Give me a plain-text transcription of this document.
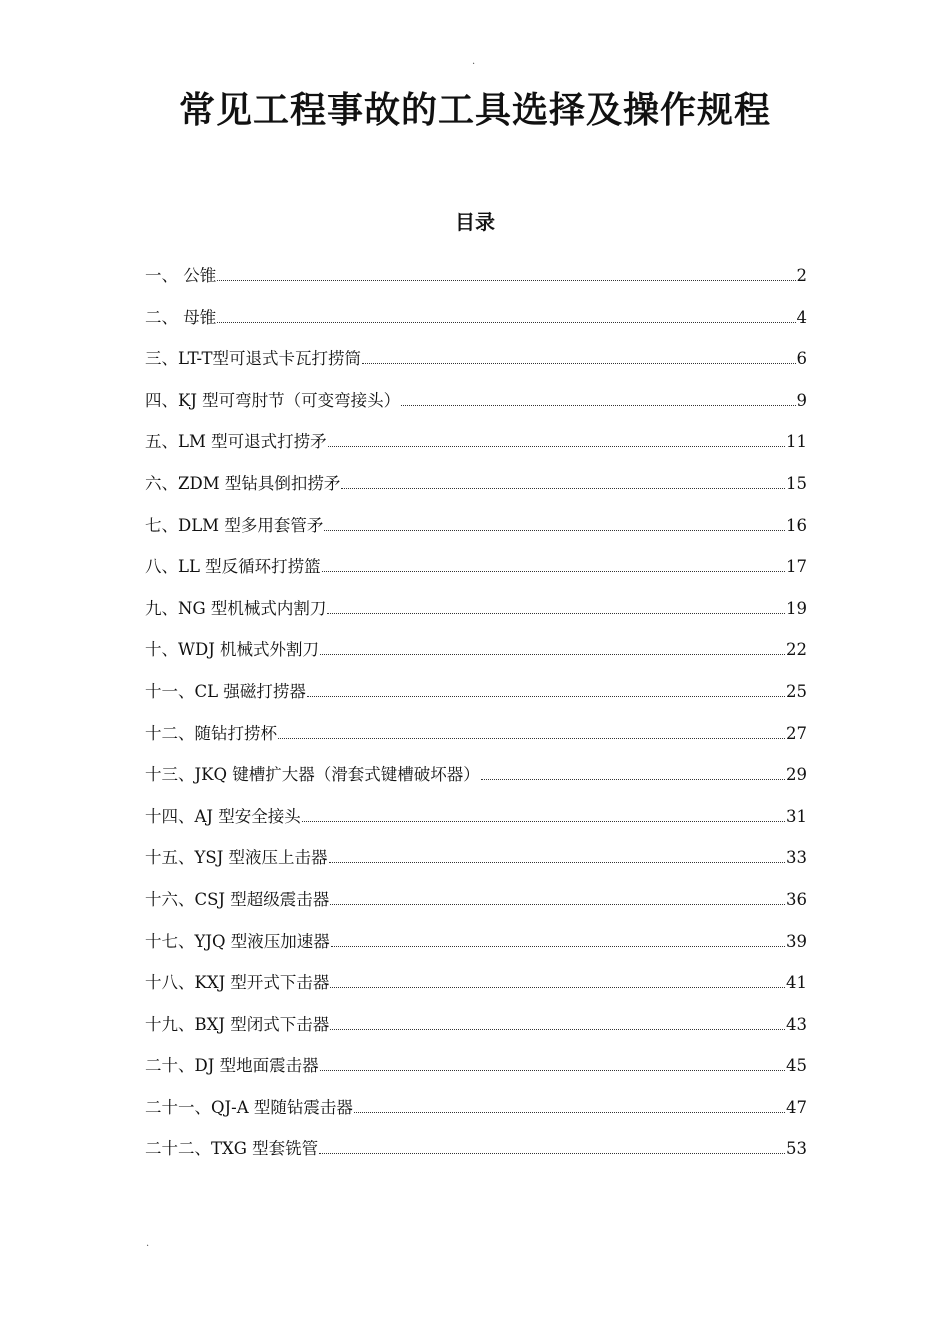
.
常见工程事故的工具选择及操作规程
目录
一、 公锥	2
二、 母锥	4
三、LT-T型可退式卡瓦打捞筒	6
四、KJ 型可弯肘节（可变弯接头）	9
五、LM 型可退式打捞矛	11
六、ZDM 型钻具倒扣捞矛	15
七、DLM 型多用套管矛	16
八、LL 型反循环打捞篮	17
九、NG 型机械式内割刀	19
十、WDJ 机械式外割刀	22
十一、CL 强磁打捞器	25
十二、随钻打捞杯	27
十三、JKQ 键槽扩大器（滑套式键槽破坏器）	29
十四、AJ 型安全接头	31
十五、YSJ 型液压上击器	33
十六、CSJ 型超级震击器	36
十七、YJQ 型液压加速器	39
十八、KXJ 型开式下击器	41
十九、BXJ 型闭式下击器	43
二十、DJ 型地面震击器	45
二十一、QJ-A 型随钻震击器	47
二十二、TXG 型套铣管	53
.
